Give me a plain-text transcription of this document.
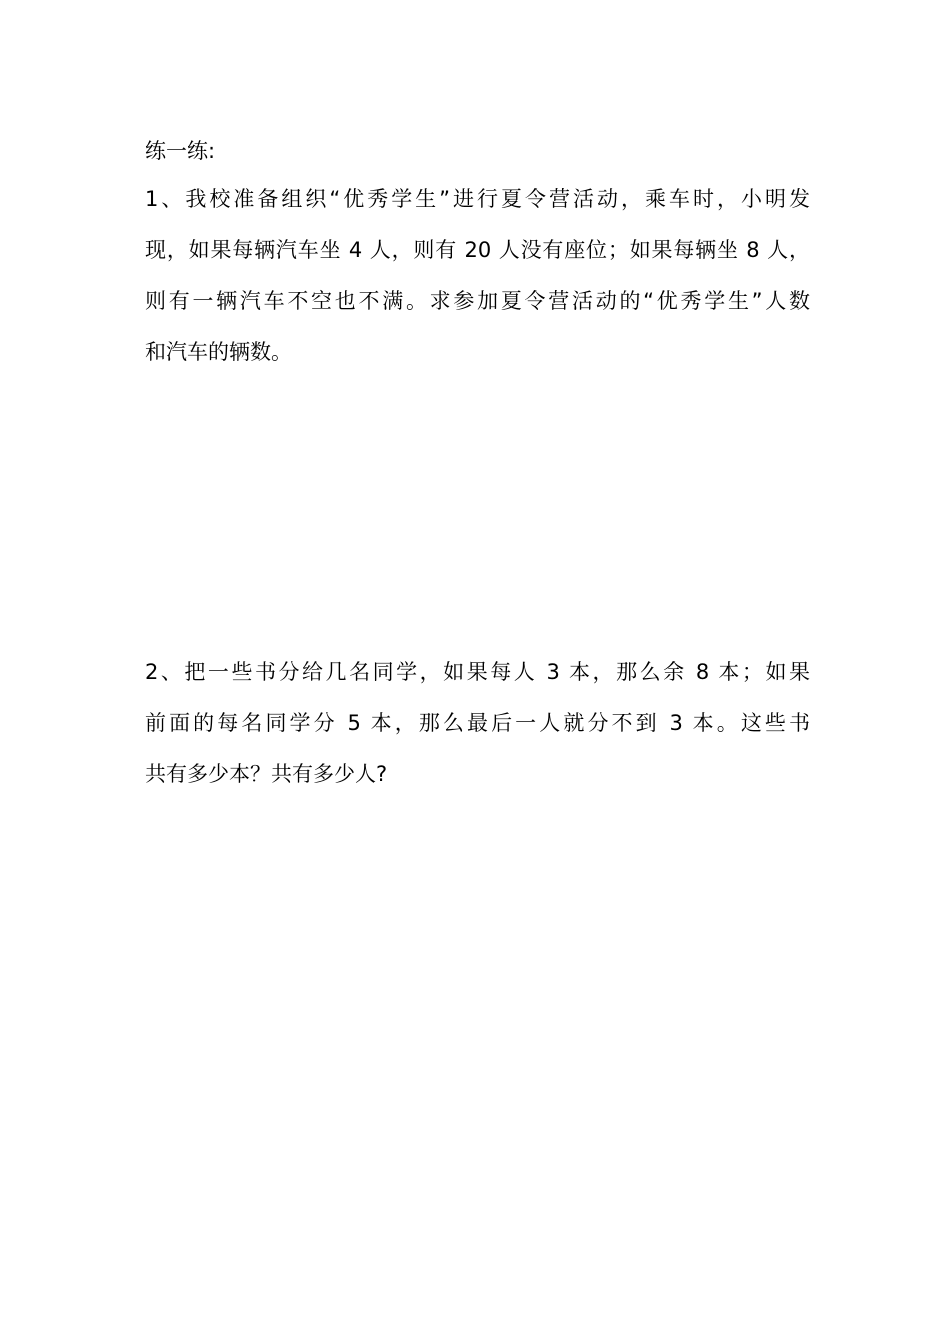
练一练:
1、我校准备组织“优秀学生”进行夏令营活动，乘车时，小明发
现，如果每辆汽车坐 4 人，则有 20 人没有座位；如果每辆坐 8 人，
则有一辆汽车不空也不满。求参加夏令营活动的“优秀学生”人数
和汽车的辆数。
2、把一些书分给几名同学，如果每人 3 本，那么余 8 本；如果
前面的每名同学分 5 本，那么最后一人就分不到 3 本。这些书
共有多少本？共有多少人?
